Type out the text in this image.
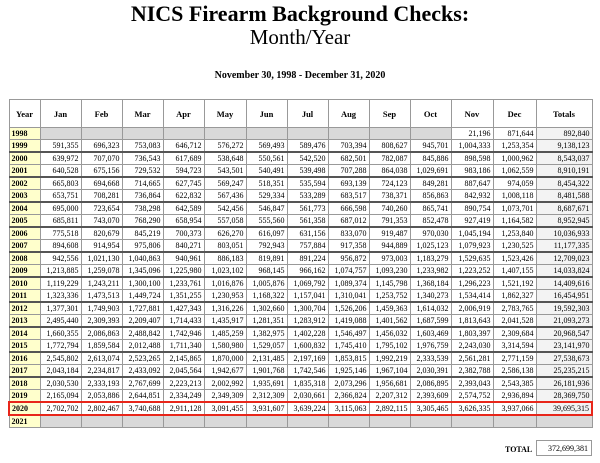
NICS Firearm Background Checks:
Month/Year
November 30, 1998 - December 31, 2020
Year	Jan	Feb	Mar	Apr	May	Jun	Jul	Aug	Sep	Oct	Nov	Dec	Totals
1998											21,196	871,644	892,840
1999	591,355	696,323	753,083	646,712	576,272	569,493	589,476	703,394	808,627	945,701	1,004,333	1,253,354	9,138,123
2000	639,972	707,070	736,543	617,689	538,648	550,561	542,520	682,501	782,087	845,886	898,598	1,000,962	8,543,037
2001	640,528	675,156	729,532	594,723	543,501	540,491	539,498	707,288	864,038	1,029,691	983,186	1,062,559	8,910,191
2002	665,803	694,668	714,665	627,745	569,247	518,351	535,594	693,139	724,123	849,281	887,647	974,059	8,454,322
2003	653,751	708,281	736,864	622,832	567,436	529,334	533,289	683,517	738,371	856,863	842,932	1,008,118	8,481,588
2004	695,000	723,654	738,298	642,589	542,456	546,847	561,773	666,598	740,260	865,741	890,754	1,073,701	8,687,671
2005	685,811	743,070	768,290	658,954	557,058	555,560	561,358	687,012	791,353	852,478	927,419	1,164,582	8,952,945
2006	775,518	820,679	845,219	700,373	626,270	616,097	631,156	833,070	919,487	970,030	1,045,194	1,253,840	10,036,933
2007	894,608	914,954	975,806	840,271	803,051	792,943	757,884	917,358	944,889	1,025,123	1,079,923	1,230,525	11,177,335
2008	942,556	1,021,130	1,040,863	940,961	886,183	819,891	891,224	956,872	973,003	1,183,279	1,529,635	1,523,426	12,709,023
2009	1,213,885	1,259,078	1,345,096	1,225,980	1,023,102	968,145	966,162	1,074,757	1,093,230	1,233,982	1,223,252	1,407,155	14,033,824
2010	1,119,229	1,243,211	1,300,100	1,233,761	1,016,876	1,005,876	1,069,792	1,089,374	1,145,798	1,368,184	1,296,223	1,521,192	14,409,616
2011	1,323,336	1,473,513	1,449,724	1,351,255	1,230,953	1,168,322	1,157,041	1,310,041	1,253,752	1,340,273	1,534,414	1,862,327	16,454,951
2012	1,377,301	1,749,903	1,727,881	1,427,343	1,316,226	1,302,660	1,300,704	1,526,206	1,459,363	1,614,032	2,006,919	2,783,765	19,592,303
2013	2,495,440	2,309,393	2,209,407	1,714,433	1,435,917	1,281,351	1,283,912	1,419,088	1,401,562	1,687,599	1,813,643	2,041,528	21,093,273
2014	1,660,355	2,086,863	2,488,842	1,742,946	1,485,259	1,382,975	1,402,228	1,546,497	1,456,032	1,603,469	1,803,397	2,309,684	20,968,547
2015	1,772,794	1,859,584	2,012,488	1,711,340	1,580,980	1,529,057	1,600,832	1,745,410	1,795,102	1,976,759	2,243,030	3,314,594	23,141,970
2016	2,545,802	2,613,074	2,523,265	2,145,865	1,870,000	2,131,485	2,197,169	1,853,815	1,992,219	2,333,539	2,561,281	2,771,159	27,538,673
2017	2,043,184	2,234,817	2,433,092	2,045,564	1,942,677	1,901,768	1,742,546	1,925,146	1,967,104	2,030,391	2,382,788	2,586,138	25,235,215
2018	2,030,530	2,333,193	2,767,699	2,223,213	2,002,992	1,935,691	1,835,318	2,073,296	1,956,681	2,086,895	2,393,043	2,543,385	26,181,936
2019	2,165,094	2,053,886	2,644,851	2,334,249	2,349,309	2,312,309	2,030,661	2,366,824	2,207,312	2,393,609	2,574,752	2,936,894	28,369,750
2020	2,702,702	2,802,467	3,740,688	2,911,128	3,091,455	3,931,607	3,639,224	3,115,063	2,892,115	3,305,465	3,626,335	3,937,066	39,695,315
2021													
TOTAL	372,699,381
